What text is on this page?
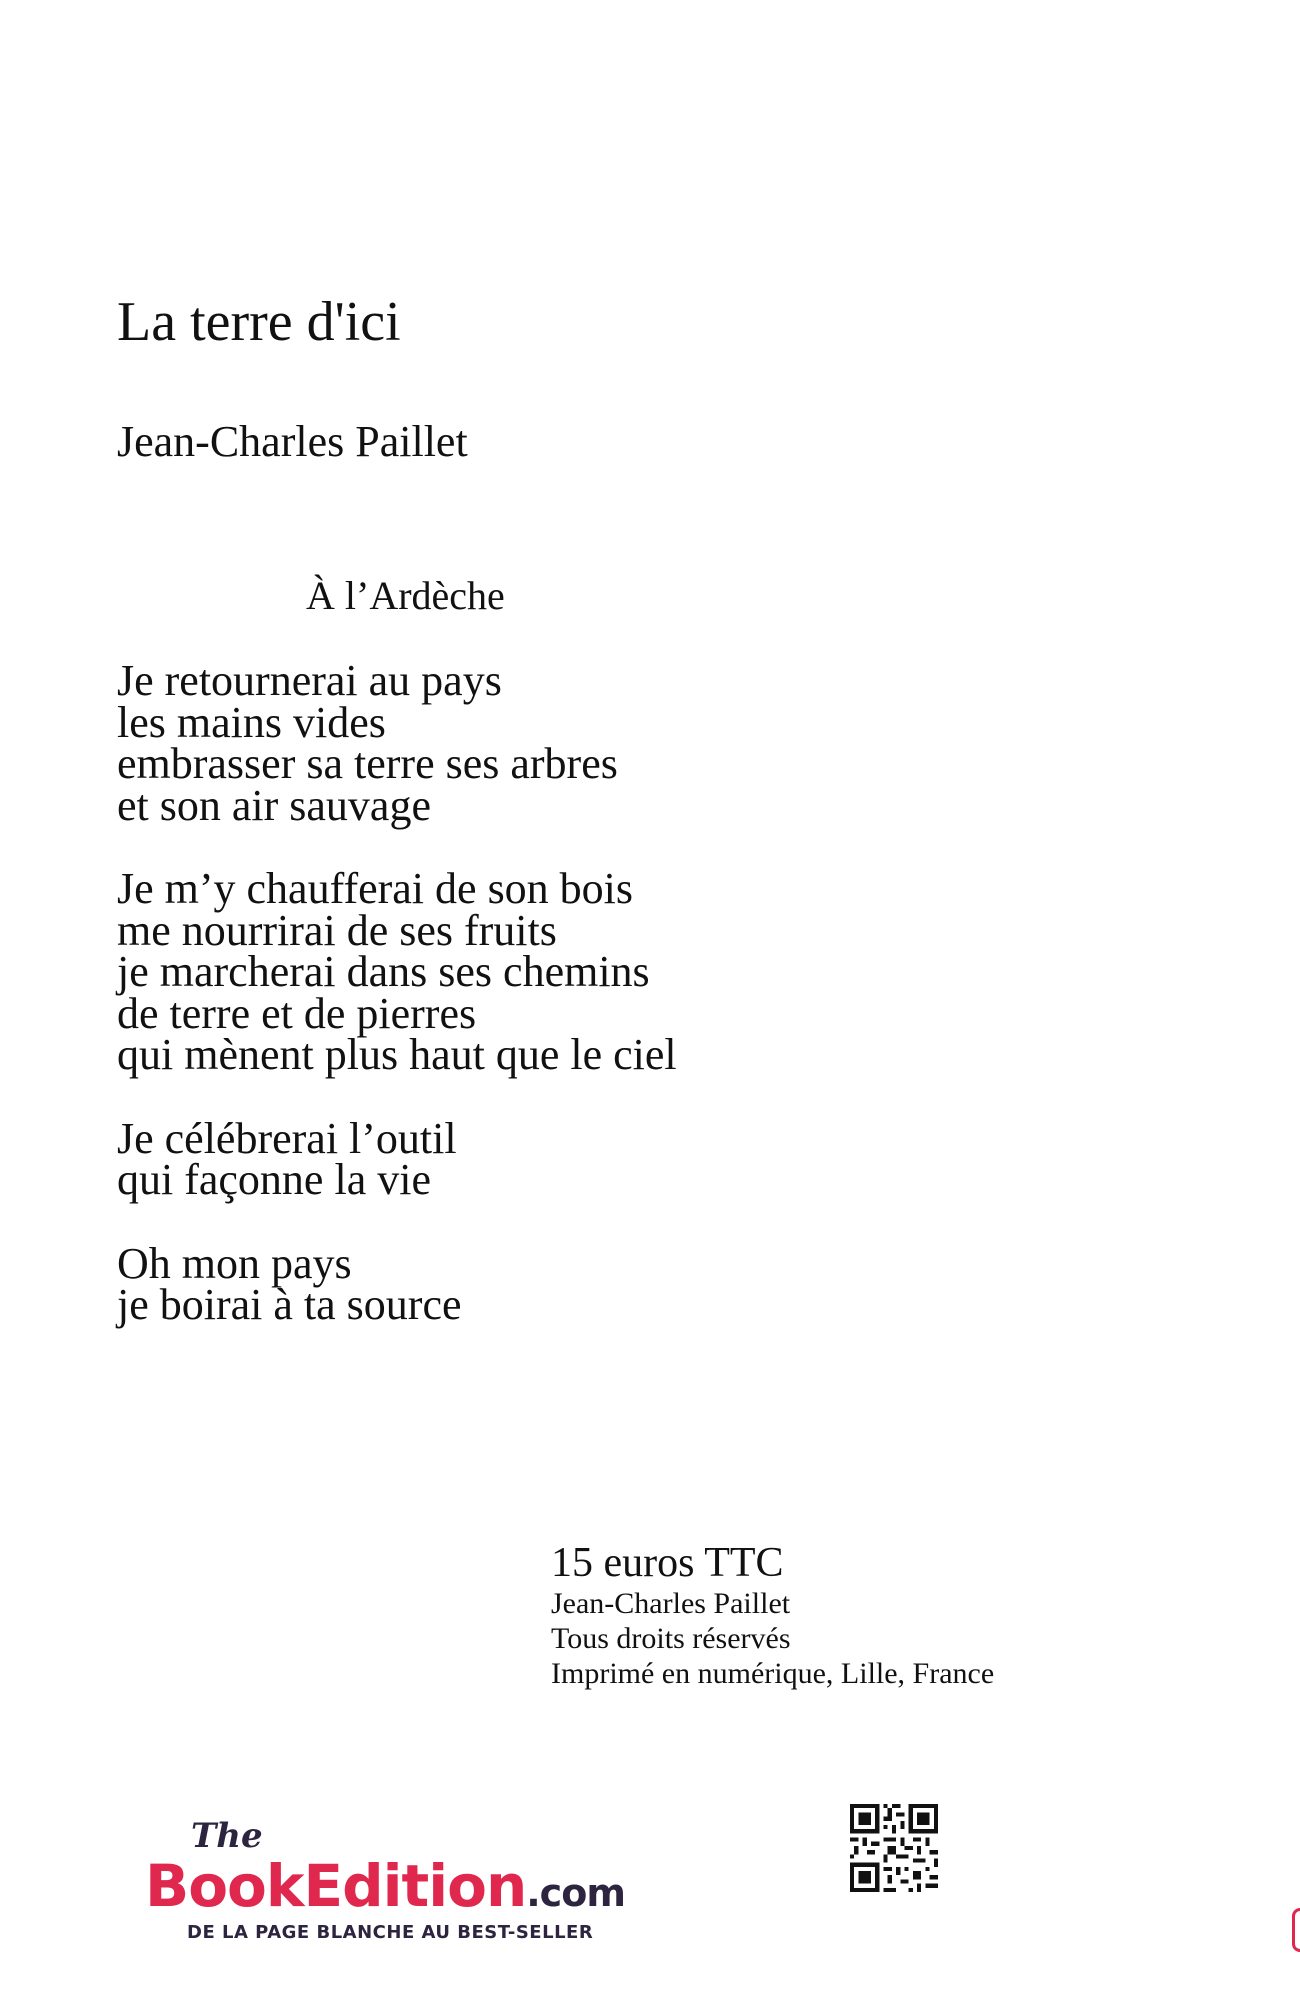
La terre d'ici
Jean-Charles Paillet
À l’Ardèche
Je retournerai au pays
les mains vides
embrasser sa terre ses arbres
et son air sauvage
Je m’y chaufferai de son bois
me nourrirai de ses fruits
je marcherai dans ses chemins
de terre et de pierres
qui mènent plus haut que le ciel
Je célébrerai l’outil
qui façonne la vie
Oh mon pays
je boirai à ta source
15 euros TTC
Jean-Charles Paillet
Tous droits réservés
Imprimé en numérique, Lille, France
The
BookEdition.com
DE LA PAGE BLANCHE AU BEST-SELLER
